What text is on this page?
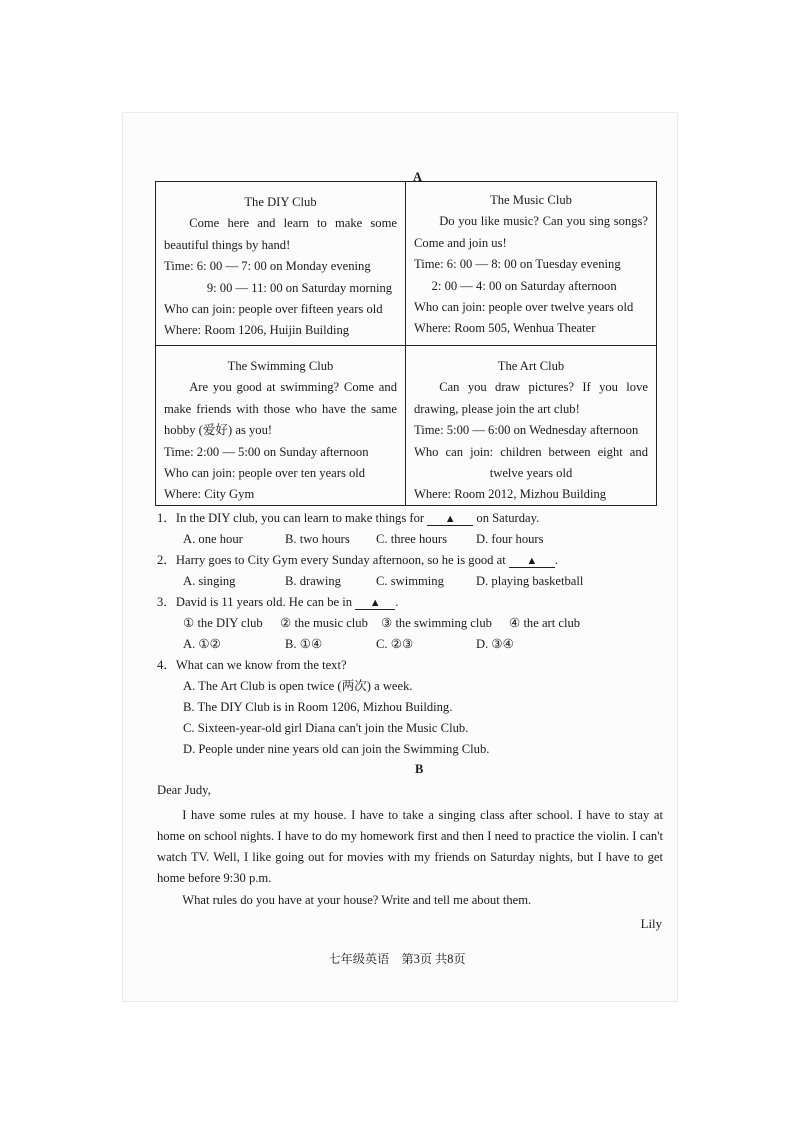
A
The DIY Club
Come here and learn to make some beautiful things by hand!
Time: 6: 00 — 7: 00 on Monday evening
9: 00 — 11: 00 on Saturday morning
Who can join: people over fifteen years old
Where: Room 1206, Huijin Building
The Music Club
Do you like music? Can you sing songs? Come and join us!
Time: 6: 00 — 8: 00 on Tuesday evening
2: 00 — 4: 00 on Saturday afternoon
Who can join: people over twelve years old
Where: Room 505, Wenhua Theater
The Swimming Club
Are you good at swimming? Come and make friends with those who have the same hobby (爱好) as you!
Time: 2:00 — 5:00 on Sunday afternoon
Who can join: people over ten years old
Where: City Gym
The Art Club
Can you draw pictures? If you love drawing, please join the art club!
Time: 5:00 — 6:00 on Wednesday afternoon
Who can join: children between eight and
twelve years old
Where: Room 2012, Mizhou Building
1．In the DIY club, you can learn to make things for ▲ on Saturday.
A. one hour	B. two hours C. three hours D. four hours
2．Harry goes to City Gym every Sunday afternoon, so he is good at ▲ .
A. singing	B. drawing	C. swimming	D. playing basketball
3．David is 11 years old. He can be in ▲ .
① the DIY club ② the music club ③ the swimming club ④ the art club
A. ①②	B. ①④	C. ②③	D. ③④
4．What can we know from the text?
A. The Art Club is open twice (两次) a week.
B. The DIY Club is in Room 1206, Mizhou Building.
C. Sixteen-year-old girl Diana can't join the Music Club.
D. People under nine years old can join the Swimming Club.
B
Dear Judy,
I have some rules at my house. I have to take a singing class after school. I have to stay at home on school nights. I have to do my homework first and then I need to practice the violin. I can't watch TV. Well, I like going out for movies with my friends on Saturday nights, but I have to get home before 9:30 p.m.
What rules do you have at your house? Write and tell me about them.
Lily
七年级英语　第3页 共8页
